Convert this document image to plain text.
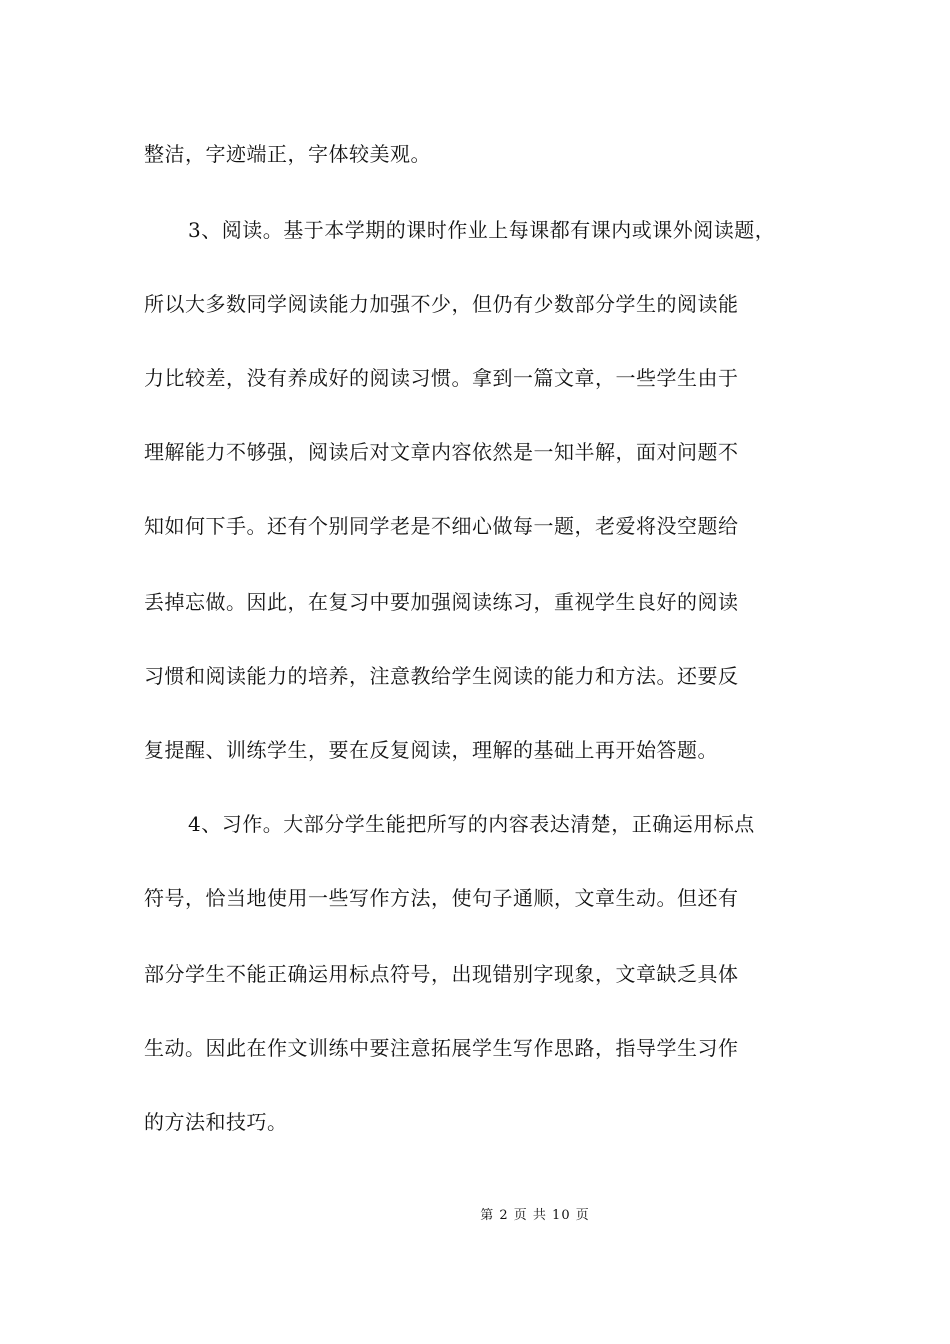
整洁，字迹端正，字体较美观。
3、阅读。基于本学期的课时作业上每课都有课内或课外阅读题，
所以大多数同学阅读能力加强不少，但仍有少数部分学生的阅读能
力比较差，没有养成好的阅读习惯。拿到一篇文章，一些学生由于
理解能力不够强，阅读后对文章内容依然是一知半解，面对问题不
知如何下手。还有个别同学老是不细心做每一题，老爱将没空题给
丢掉忘做。因此，在复习中要加强阅读练习，重视学生良好的阅读
习惯和阅读能力的培养，注意教给学生阅读的能力和方法。还要反
复提醒、训练学生，要在反复阅读，理解的基础上再开始答题。
4、习作。大部分学生能把所写的内容表达清楚，正确运用标点
符号，恰当地使用一些写作方法，使句子通顺，文章生动。但还有
部分学生不能正确运用标点符号，出现错别字现象，文章缺乏具体
生动。因此在作文训练中要注意拓展学生写作思路，指导学生习作
的方法和技巧。
第 2 页 共 10 页
